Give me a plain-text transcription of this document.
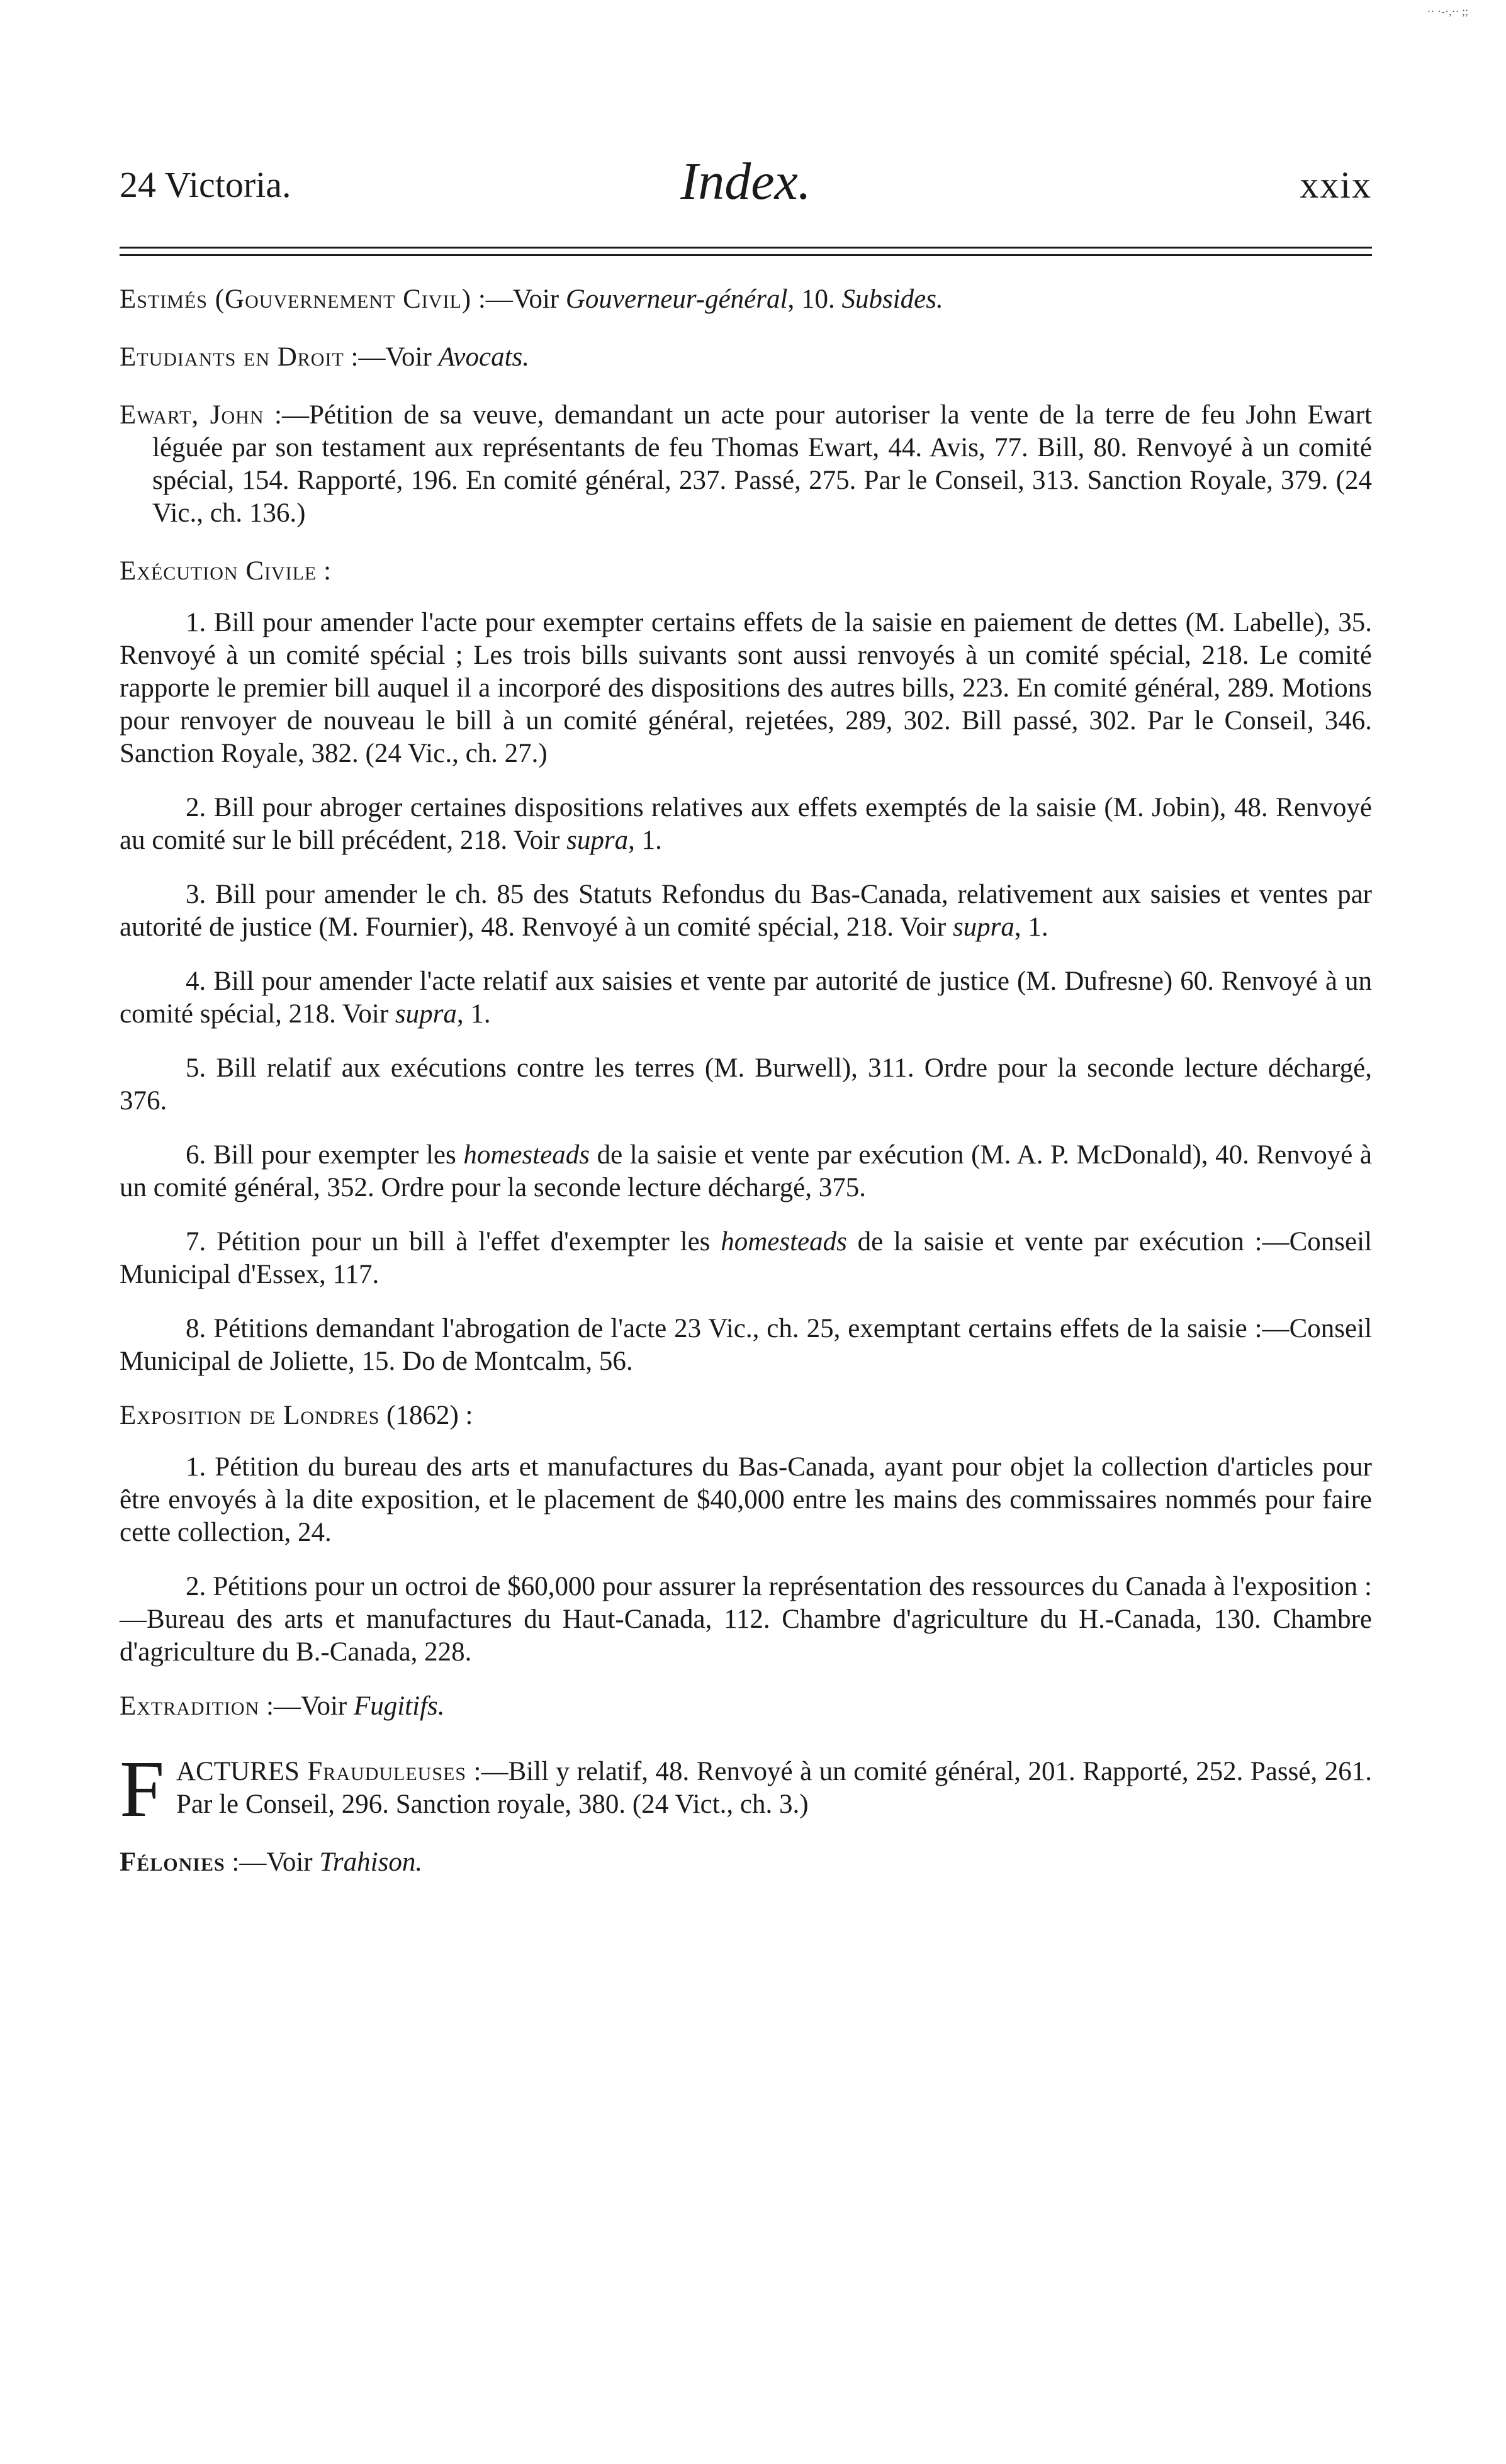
·· ·-·,·· ;;
24 Victoria.	Index.	xxix

Estimés (Gouvernement Civil) :—Voir Gouverneur-général, 10. Subsides.

Etudiants en Droit :—Voir Avocats.

Ewart, John :—Pétition de sa veuve, demandant un acte pour autoriser la vente de la terre de feu John Ewart léguée par son testament aux représentants de feu Thomas Ewart, 44. Avis, 77. Bill, 80. Renvoyé à un comité spécial, 154. Rapporté, 196. En comité général, 237. Passé, 275. Par le Conseil, 313. Sanction Royale, 379. (24 Vic., ch. 136.)

Exécution Civile :

1. Bill pour amender l'acte pour exempter certains effets de la saisie en paiement de dettes (M. Labelle), 35. Renvoyé à un comité spécial ; Les trois bills suivants sont aussi renvoyés à un comité spécial, 218. Le comité rapporte le premier bill auquel il a incorporé des dispositions des autres bills, 223. En comité général, 289. Motions pour renvoyer de nouveau le bill à un comité général, rejetées, 289, 302. Bill passé, 302. Par le Conseil, 346. Sanction Royale, 382. (24 Vic., ch. 27.)

2. Bill pour abroger certaines dispositions relatives aux effets exemptés de la saisie (M. Jobin), 48. Renvoyé au comité sur le bill précédent, 218. Voir supra, 1.

3. Bill pour amender le ch. 85 des Statuts Refondus du Bas-Canada, relativement aux saisies et ventes par autorité de justice (M. Fournier), 48. Renvoyé à un comité spécial, 218. Voir supra, 1.

4. Bill pour amender l'acte relatif aux saisies et vente par autorité de justice (M. Dufresne) 60. Renvoyé à un comité spécial, 218. Voir supra, 1.

5. Bill relatif aux exécutions contre les terres (M. Burwell), 311. Ordre pour la seconde lecture déchargé, 376.

6. Bill pour exempter les homesteads de la saisie et vente par exécution (M. A. P. McDonald), 40. Renvoyé à un comité général, 352. Ordre pour la seconde lecture déchargé, 375.

7. Pétition pour un bill à l'effet d'exempter les homesteads de la saisie et vente par exécution :—Conseil Municipal d'Essex, 117.

8. Pétitions demandant l'abrogation de l'acte 23 Vic., ch. 25, exemptant certains effets de la saisie :—Conseil Municipal de Joliette, 15. Do de Montcalm, 56.

Exposition de Londres (1862) :

1. Pétition du bureau des arts et manufactures du Bas-Canada, ayant pour objet la collection d'articles pour être envoyés à la dite exposition, et le placement de $40,000 entre les mains des commissaires nommés pour faire cette collection, 24.

2. Pétitions pour un octroi de $60,000 pour assurer la représentation des ressources du Canada à l'exposition :—Bureau des arts et manufactures du Haut-Canada, 112. Chambre d'agriculture du H.-Canada, 130. Chambre d'agriculture du B.-Canada, 228.

Extradition :—Voir Fugitifs.

F ACTURES Frauduleuses :—Bill y relatif, 48. Renvoyé à un comité général, 201. Rapporté, 252. Passé, 261. Par le Conseil, 296. Sanction royale, 380. (24 Vict., ch. 3.)

Félonies :—Voir Trahison.
